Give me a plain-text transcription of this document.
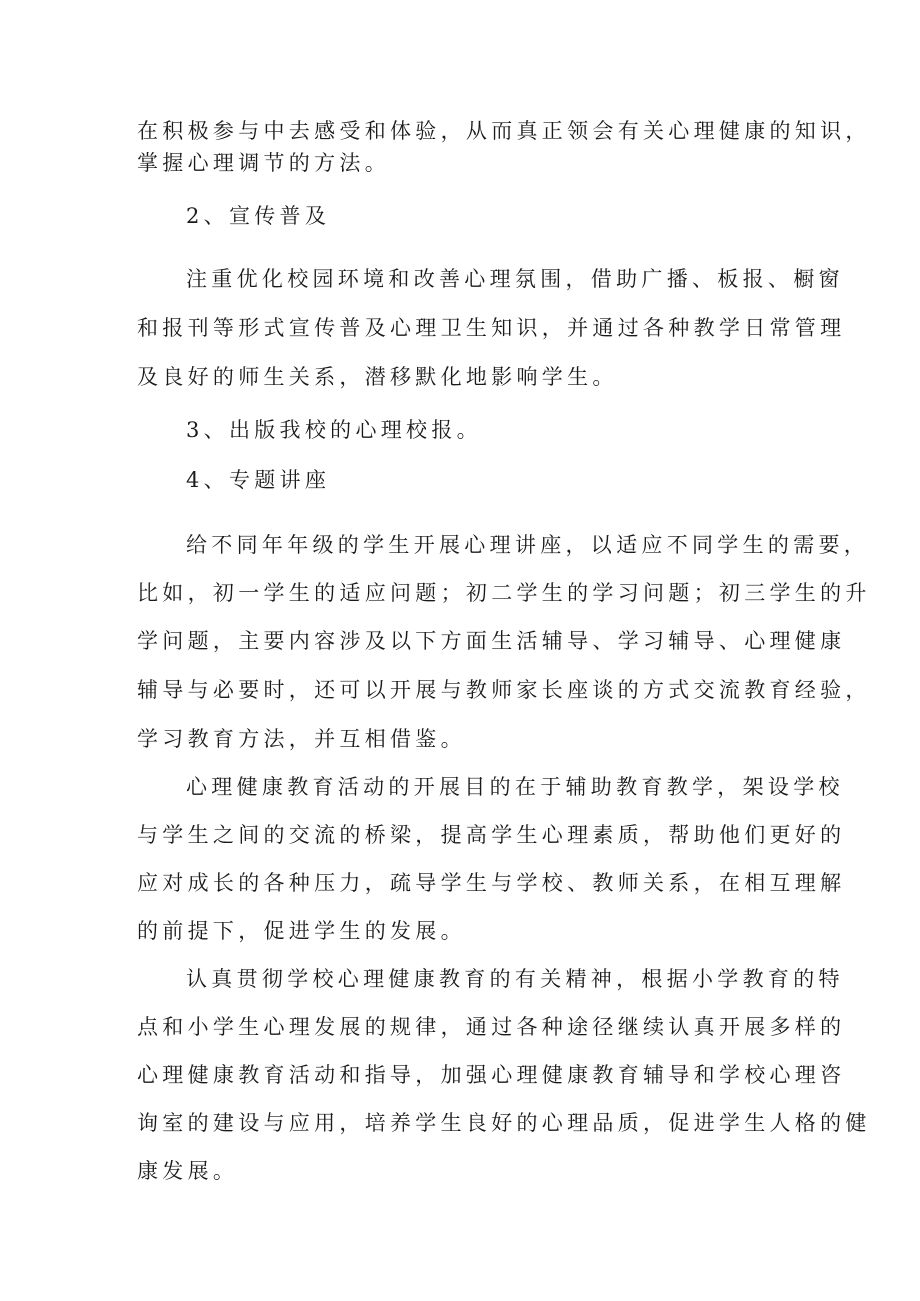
在积极参与中去感受和体验，从而真正领会有关心理健康的知识，
掌握心理调节的方法。
2、宣传普及
注重优化校园环境和改善心理氛围，借助广播、板报、橱窗
和报刊等形式宣传普及心理卫生知识，并通过各种教学日常管理
及良好的师生关系，潜移默化地影响学生。
3、出版我校的心理校报。
4、专题讲座
给不同年年级的学生开展心理讲座，以适应不同学生的需要，
比如，初一学生的适应问题；初二学生的学习问题；初三学生的升
学问题，主要内容涉及以下方面生活辅导、学习辅导、心理健康
辅导与必要时，还可以开展与教师家长座谈的方式交流教育经验，
学习教育方法，并互相借鉴。
心理健康教育活动的开展目的在于辅助教育教学，架设学校
与学生之间的交流的桥梁，提高学生心理素质，帮助他们更好的
应对成长的各种压力，疏导学生与学校、教师关系，在相互理解
的前提下，促进学生的发展。
认真贯彻学校心理健康教育的有关精神，根据小学教育的特
点和小学生心理发展的规律，通过各种途径继续认真开展多样的
心理健康教育活动和指导，加强心理健康教育辅导和学校心理咨
询室的建设与应用，培养学生良好的心理品质，促进学生人格的健
康发展。
